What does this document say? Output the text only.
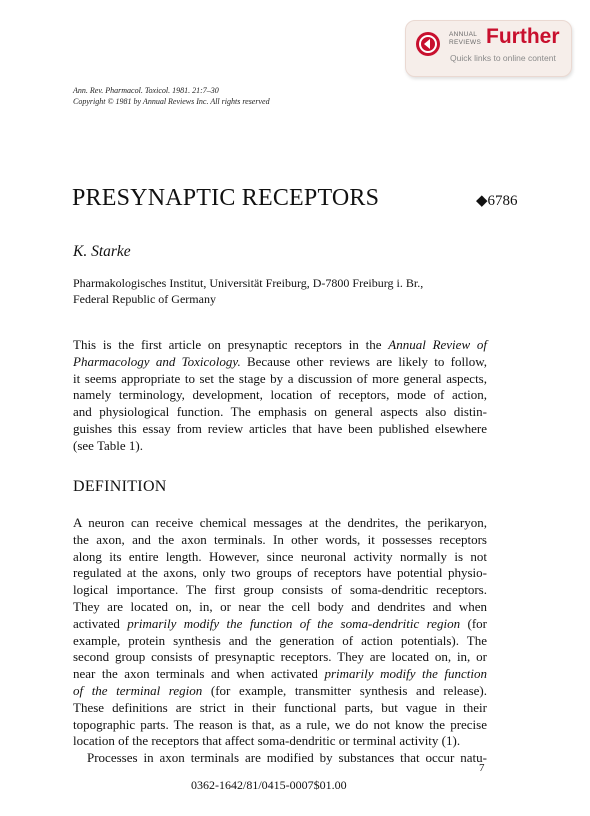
ANNUAL
REVIEWS Further
Quick links to online content
Ann. Rev. Pharmacol. Toxicol. 1981. 21:7–30
Copyright © 1981 by Annual Reviews Inc. All rights reserved
PRESYNAPTIC RECEPTORS	◆6786
K. Starke
Pharmakologisches Institut, Universität Freiburg, D-7800 Freiburg i. Br.,
Federal Republic of Germany
This is the first article on presynaptic receptors in the Annual Review of
Pharmacology and Toxicology. Because other reviews are likely to follow,
it seems appropriate to set the stage by a discussion of more general aspects,
namely terminology, development, location of receptors, mode of action,
and physiological function. The emphasis on general aspects also distin-
guishes this essay from review articles that have been published elsewhere
(see Table 1).
DEFINITION
A neuron can receive chemical messages at the dendrites, the perikaryon,
the axon, and the axon terminals. In other words, it possesses receptors
along its entire length. However, since neuronal activity normally is not
regulated at the axons, only two groups of receptors have potential physio-
logical importance. The first group consists of soma-dendritic receptors.
They are located on, in, or near the cell body and dendrites and when
activated primarily modify the function of the soma-dendritic region (for
example, protein synthesis and the generation of action potentials). The
second group consists of presynaptic receptors. They are located on, in, or
near the axon terminals and when activated primarily modify the function
of the terminal region (for example, transmitter synthesis and release).
These definitions are strict in their functional parts, but vague in their
topographic parts. The reason is that, as a rule, we do not know the precise
location of the receptors that affect soma-dendritic or terminal activity (1).
Processes in axon terminals are modified by substances that occur natu-
7
0362-1642/81/0415-0007$01.00
